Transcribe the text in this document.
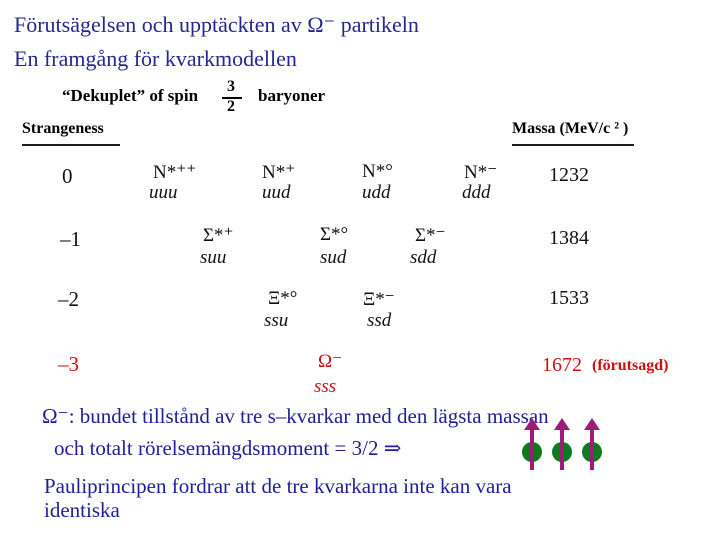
Förutsägelsen och upptäckten av Ω⁻ partikeln
En framgång för kvarkmodellen
“Dekuplet” of spin 3
2
baryoner
Strangeness	Massa (MeV/c ² )
0
–1
–2
–3
1232
1384
1533
1672 (förutsagd)
N*⁺⁺
uuu
N*⁺
uud
N*°
udd
N*⁻
ddd
Σ*⁺
suu
Σ*°
sud
Σ*⁻
sdd
Ξ*°
ssu
Ξ*⁻
ssd
Ω⁻
sss
Ω⁻: bundet tillstånd av tre s–kvarkar med den lägsta massan
och totalt rörelsemängdsmoment = 3/2 ⇒
Pauliprincipen fordrar att de tre kvarkarna inte kan vara
identiska
